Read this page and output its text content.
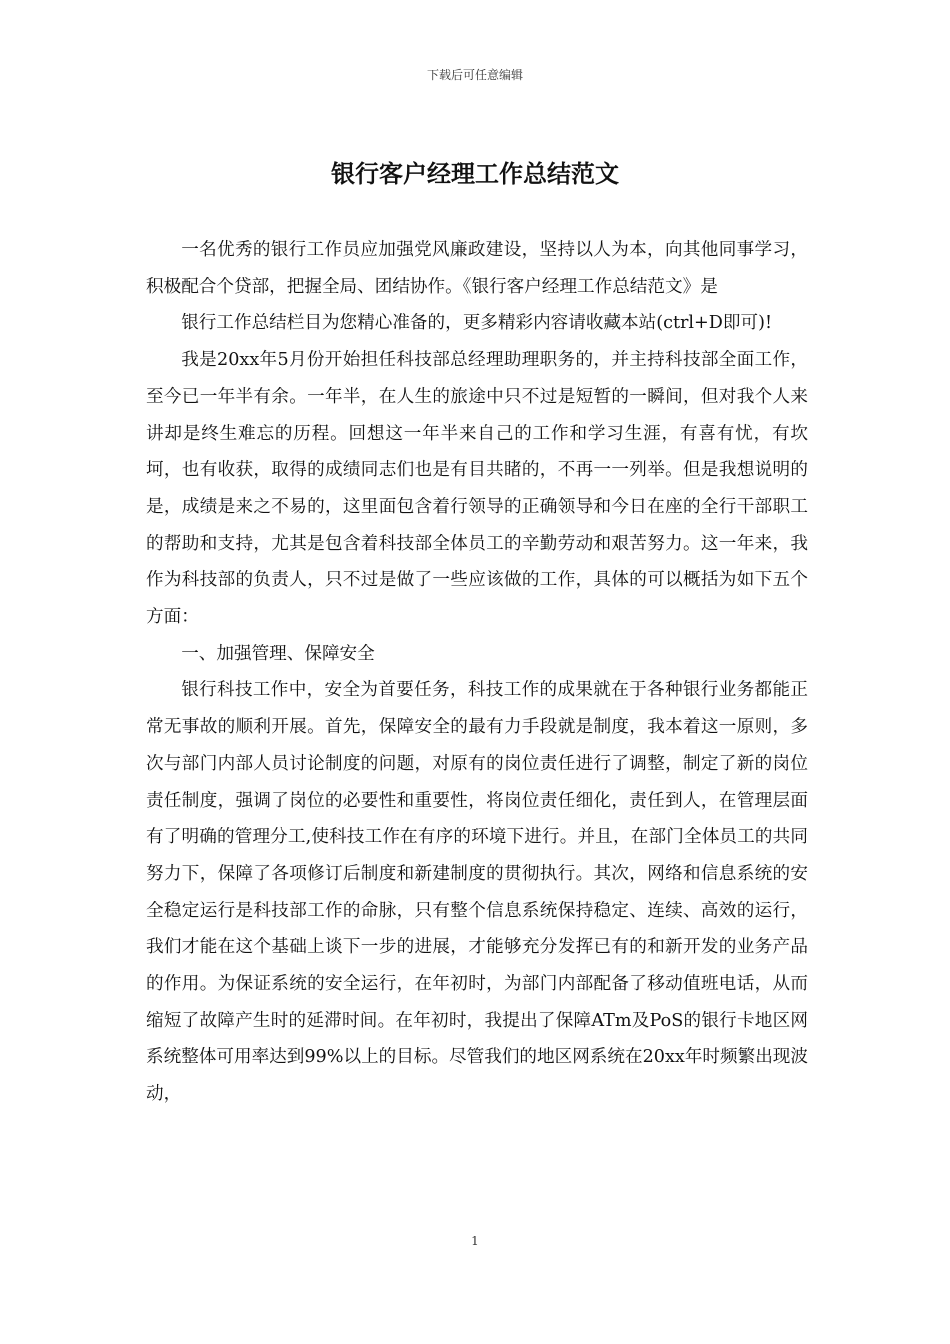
下载后可任意编辑
银行客户经理工作总结范文

一名优秀的银行工作员应加强党风廉政建设，坚持以人为本，向其他同事学习，积极配合个贷部，把握全局、团结协作。《银行客户经理工作总结范文》是

银行工作总结栏目为您精心准备的，更多精彩内容请收藏本站(ctrl+D即可)!

我是20xx年5月份开始担任科技部总经理助理职务的，并主持科技部全面工作，至今已一年半有余。一年半，在人生的旅途中只不过是短暂的一瞬间，但对我个人来讲却是终生难忘的历程。回想这一年半来自己的工作和学习生涯，有喜有忧，有坎坷，也有收获，取得的成绩同志们也是有目共睹的，不再一一列举。但是我想说明的是，成绩是来之不易的，这里面包含着行领导的正确领导和今日在座的全行干部职工的帮助和支持，尤其是包含着科技部全体员工的辛勤劳动和艰苦努力。这一年来，我作为科技部的负责人，只不过是做了一些应该做的工作，具体的可以概括为如下五个方面：

一、加强管理、保障安全

银行科技工作中，安全为首要任务，科技工作的成果就在于各种银行业务都能正常无事故的顺利开展。首先，保障安全的最有力手段就是制度，我本着这一原则，多次与部门内部人员讨论制度的问题，对原有的岗位责任进行了调整，制定了新的岗位责任制度，强调了岗位的必要性和重要性，将岗位责任细化，责任到人，在管理层面有了明确的管理分工,使科技工作在有序的环境下进行。并且，在部门全体员工的共同努力下，保障了各项修订后制度和新建制度的贯彻执行。其次，网络和信息系统的安全稳定运行是科技部工作的命脉，只有整个信息系统保持稳定、连续、高效的运行，我们才能在这个基础上谈下一步的进展，才能够充分发挥已有的和新开发的业务产品的作用。为保证系统的安全运行，在年初时，为部门内部配备了移动值班电话，从而缩短了故障产生时的延滞时间。在年初时，我提出了保障ATm及PoS的银行卡地区网系统整体可用率达到99%以上的目标。尽管我们的地区网系统在20xx年时频繁出现波动，

1
